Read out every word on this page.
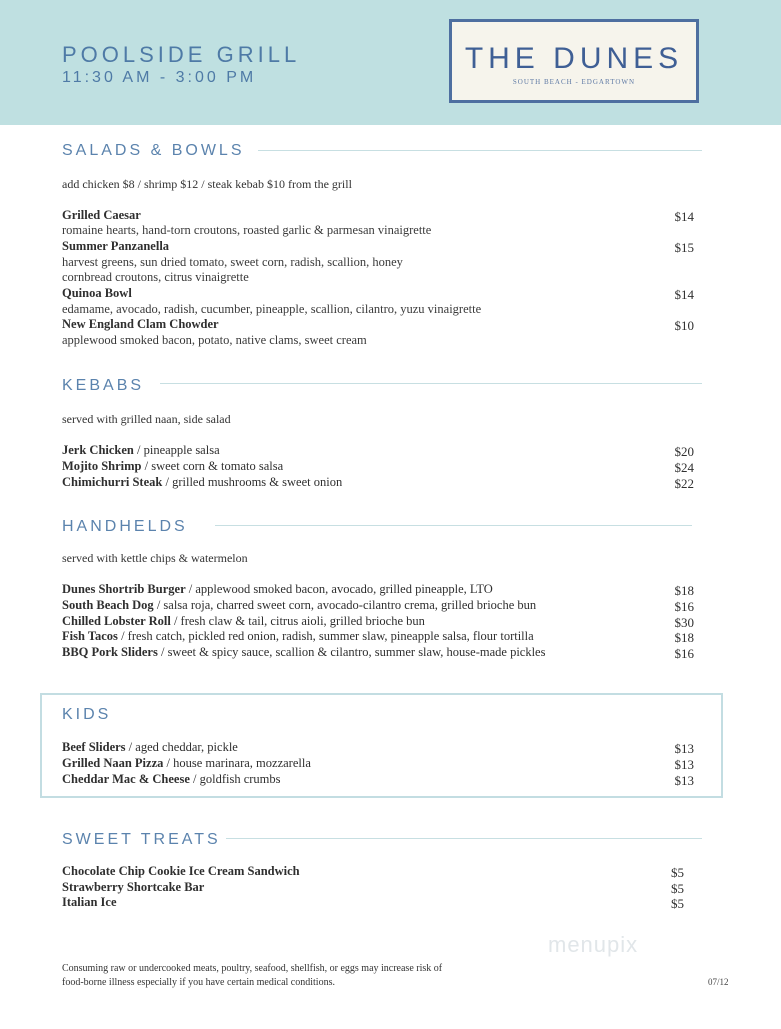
POOLSIDE GRILL
11:30 AM - 3:00 PM
THE DUNES
SOUTH BEACH - EDGARTOWN
SALADS & BOWLS
add chicken $8 / shrimp $12 / steak kebab $10 from the grill
Grilled Caesar	$14
romaine hearts, hand-torn croutons, roasted garlic & parmesan vinaigrette
Summer Panzanella	$15
harvest greens, sun dried tomato, sweet corn, radish, scallion, honey
cornbread croutons, citrus vinaigrette
Quinoa Bowl	$14
edamame, avocado, radish, cucumber, pineapple, scallion, cilantro, yuzu vinaigrette
New England Clam Chowder	$10
applewood smoked bacon, potato, native clams, sweet cream
KEBABS
served with grilled naan, side salad
Jerk Chicken / pineapple salsa	$20
Mojito Shrimp / sweet corn & tomato salsa	$24
Chimichurri Steak / grilled mushrooms & sweet onion	$22
HANDHELDS
served with kettle chips & watermelon
Dunes Shortrib Burger / applewood smoked bacon, avocado, grilled pineapple, LTO	$18
South Beach Dog / salsa roja, charred sweet corn, avocado-cilantro crema, grilled brioche bun	$16
Chilled Lobster Roll / fresh claw & tail, citrus aioli, grilled brioche bun	$30
Fish Tacos / fresh catch, pickled red onion, radish, summer slaw, pineapple salsa, flour tortilla	$18
BBQ Pork Sliders / sweet & spicy sauce, scallion & cilantro, summer slaw, house-made pickles	$16
KIDS
Beef Sliders / aged cheddar, pickle	$13
Grilled Naan Pizza / house marinara, mozzarella	$13
Cheddar Mac & Cheese / goldfish crumbs	$13
SWEET TREATS
Chocolate Chip Cookie Ice Cream Sandwich	$5
Strawberry Shortcake Bar	$5
Italian Ice	$5
menupix
Consuming raw or undercooked meats, poultry, seafood, shellfish, or eggs may increase risk of
food-borne illness especially if you have certain medical conditions.	07/12
